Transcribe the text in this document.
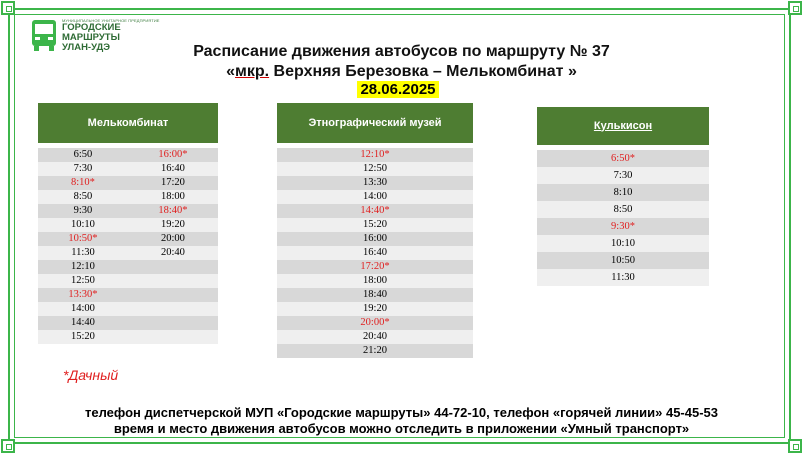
МУНИЦИПАЛЬНОЕ УНИТАРНОЕ ПРЕДПРИЯТИЕ
ГОРОДСКИЕ
МАРШРУТЫ
УЛАН-УДЭ	Расписание движения автобусов по маршруту № 37
«мкр. Верхняя Березовка – Мелькомбинат »
28.06.2025
Мелькомбинат	

6:50	16:00*
7:30	16:40
8:10*	17:20
8:50	18:00
9:30	18:40*
10:10	19:20
10:50*	20:00
11:30	20:40
12:10	
12:50	
13:30*	
14:00	
14:40	
15:20	
Этнографический музей

12:10*
12:50
13:30
14:00
14:40*
15:20
16:00
16:40
17:20*
18:00
18:40
19:20
20:00*
20:40
21:20
Кулькисон

6:50*
7:30
8:10
8:50
9:30*
10:10
10:50
11:30
*Дачный
телефон диспетчерской МУП «Городские маршруты» 44-72-10, телефон «горячей линии» 45-45-53
время и место движения автобусов можно отследить в приложении «Умный транспорт»
